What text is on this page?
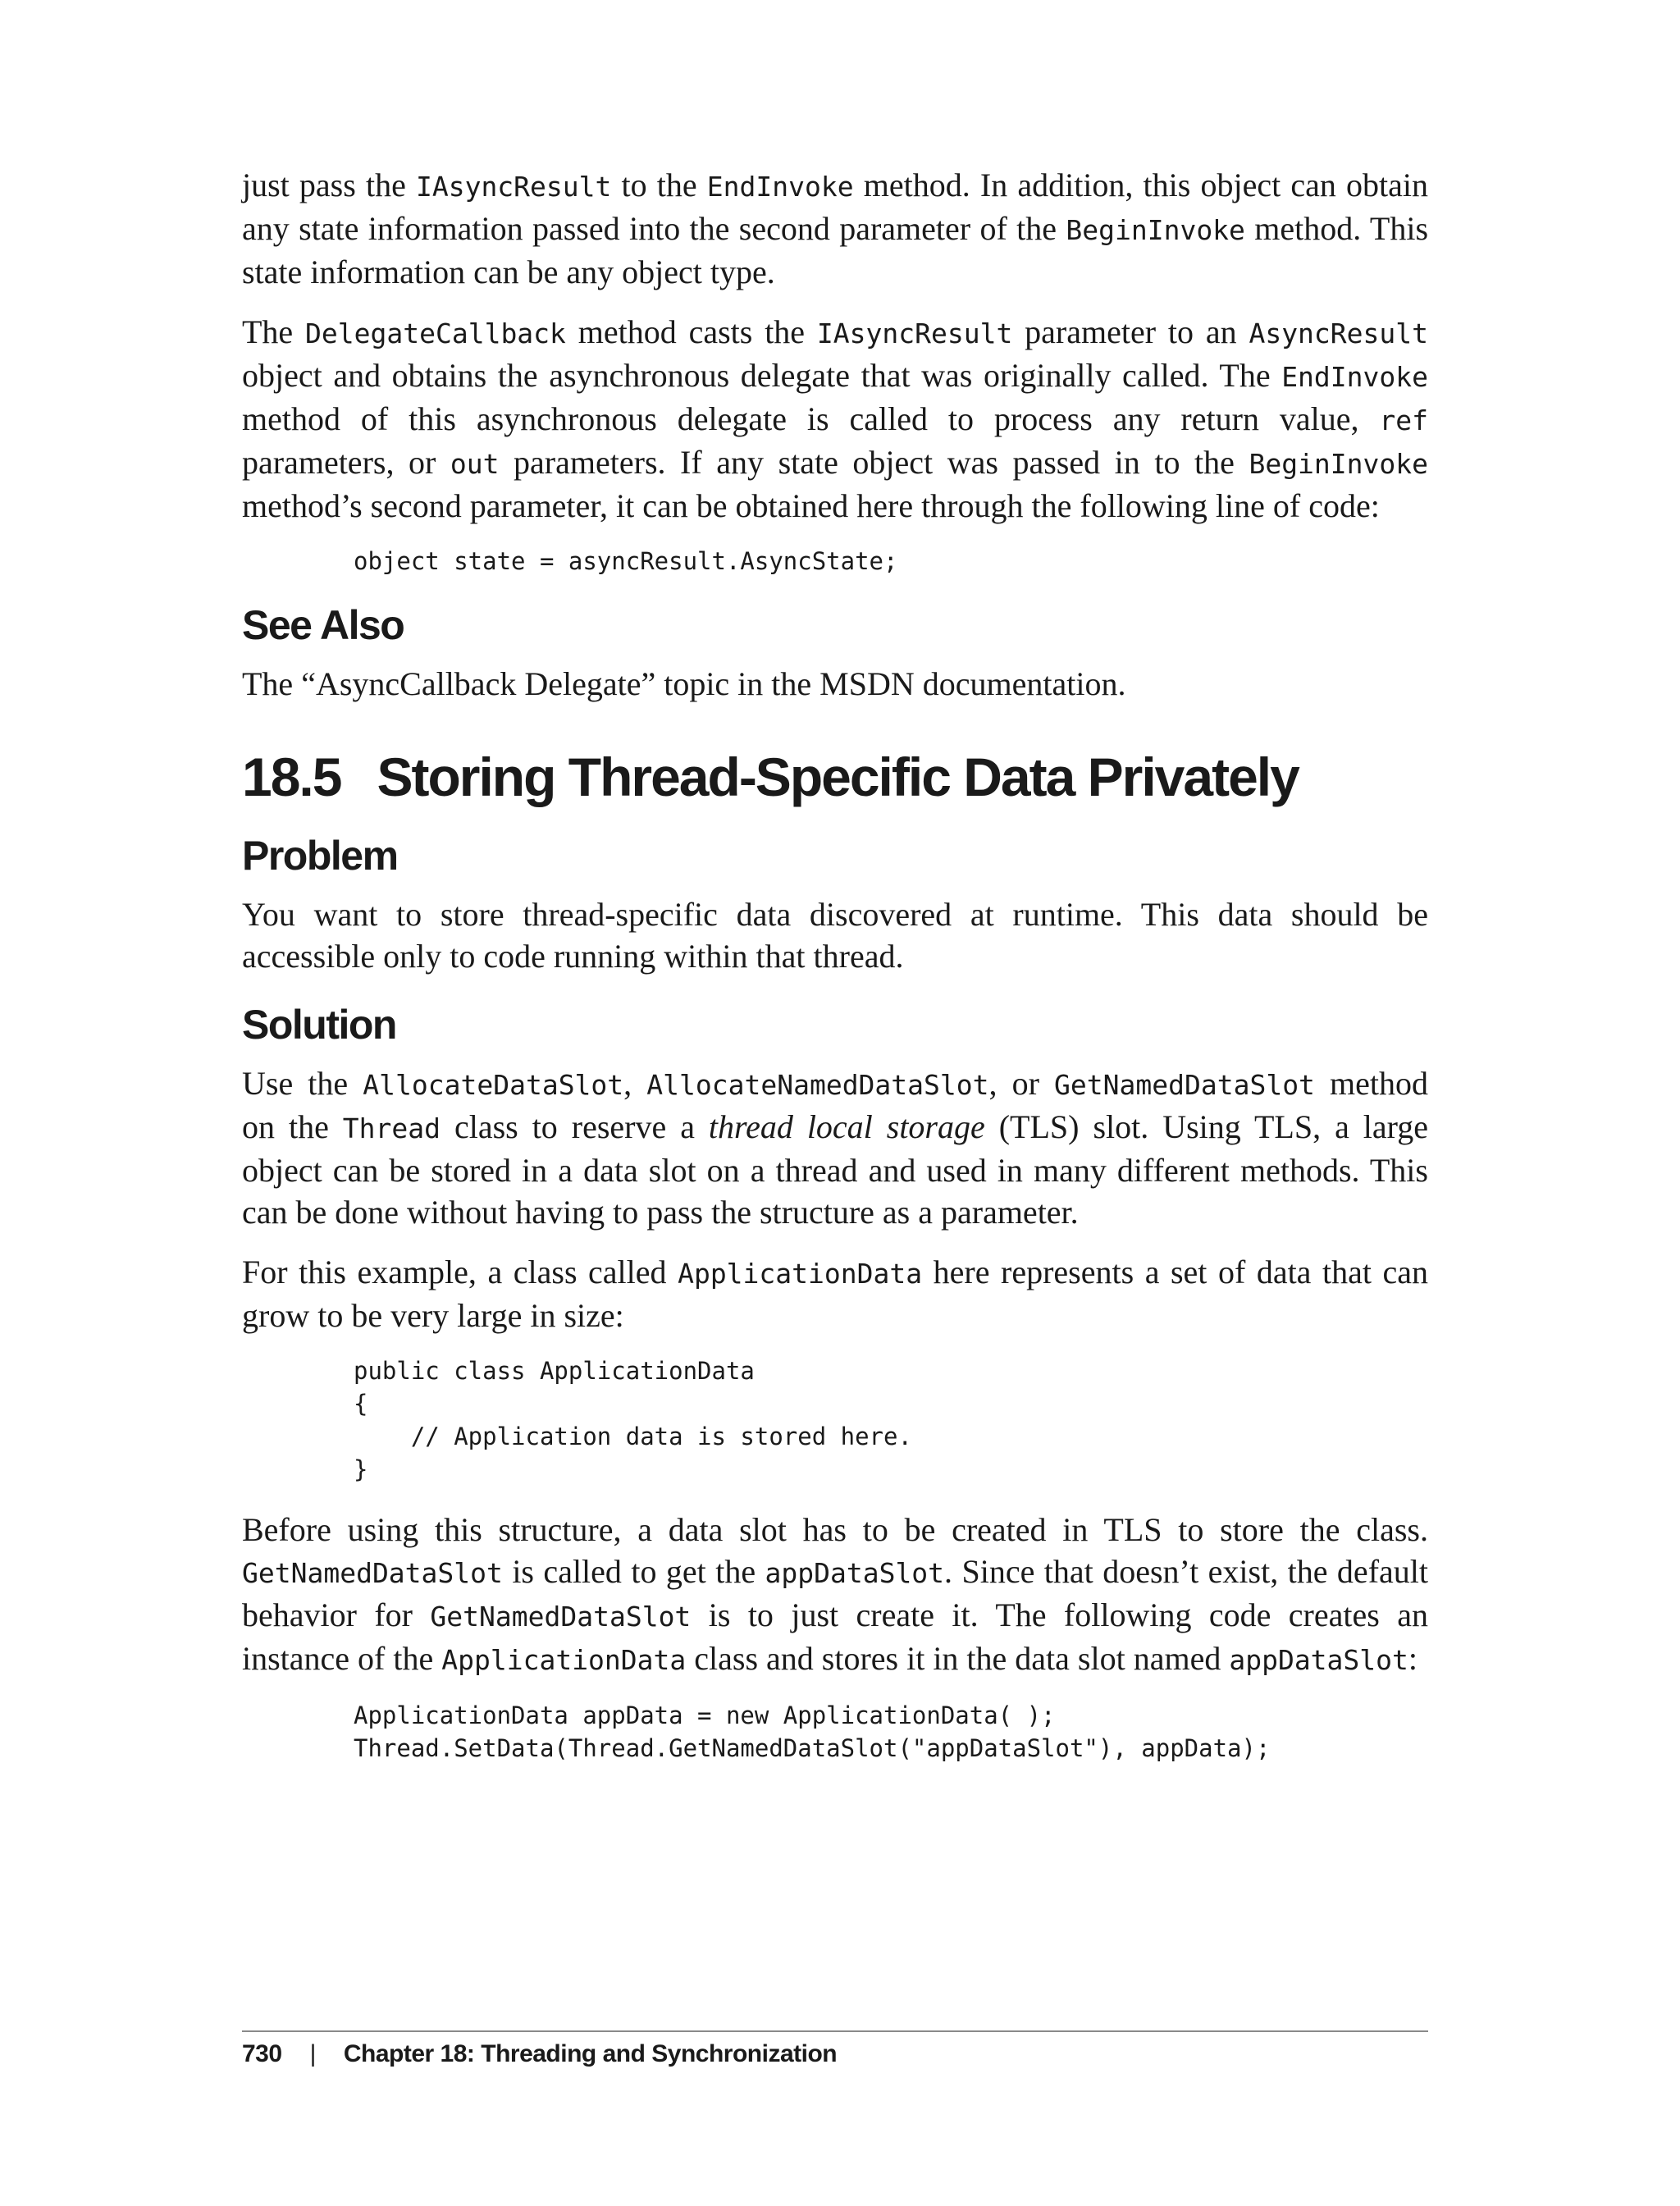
just pass the IAsyncResult to the EndInvoke method. In addition, this object can obtain any state information passed into the second parameter of the BeginInvoke method. This state information can be any object type.

The DelegateCallback method casts the IAsyncResult parameter to an AsyncResult object and obtains the asynchronous delegate that was originally called. The EndInvoke method of this asynchronous delegate is called to process any return value, ref parameters, or out parameters. If any state object was passed in to the BeginInvoke method’s second parameter, it can be obtained here through the following line of code:

object state = asyncResult.AsyncState;
See Also

The “AsyncCallback Delegate” topic in the MSDN documentation.

18.5 Storing Thread-Specific Data Privately
Problem

You want to store thread-specific data discovered at runtime. This data should be accessible only to code running within that thread.

Solution

Use the AllocateDataSlot, AllocateNamedDataSlot, or GetNamedDataSlot method on the Thread class to reserve a thread local storage (TLS) slot. Using TLS, a large object can be stored in a data slot on a thread and used in many different methods. This can be done without having to pass the structure as a parameter.

For this example, a class called ApplicationData here represents a set of data that can grow to be very large in size:

public class ApplicationData
{
// Application data is stored here.
}

Before using this structure, a data slot has to be created in TLS to store the class. GetNamedDataSlot is called to get the appDataSlot. Since that doesn’t exist, the default behavior for GetNamedDataSlot is to just create it. The following code creates an instance of the ApplicationData class and stores it in the data slot named appDataSlot:

ApplicationData appData = new ApplicationData( );
Thread.SetData(Thread.GetNamedDataSlot("appDataSlot"), appData);
730 | Chapter 18: Threading and Synchronization
